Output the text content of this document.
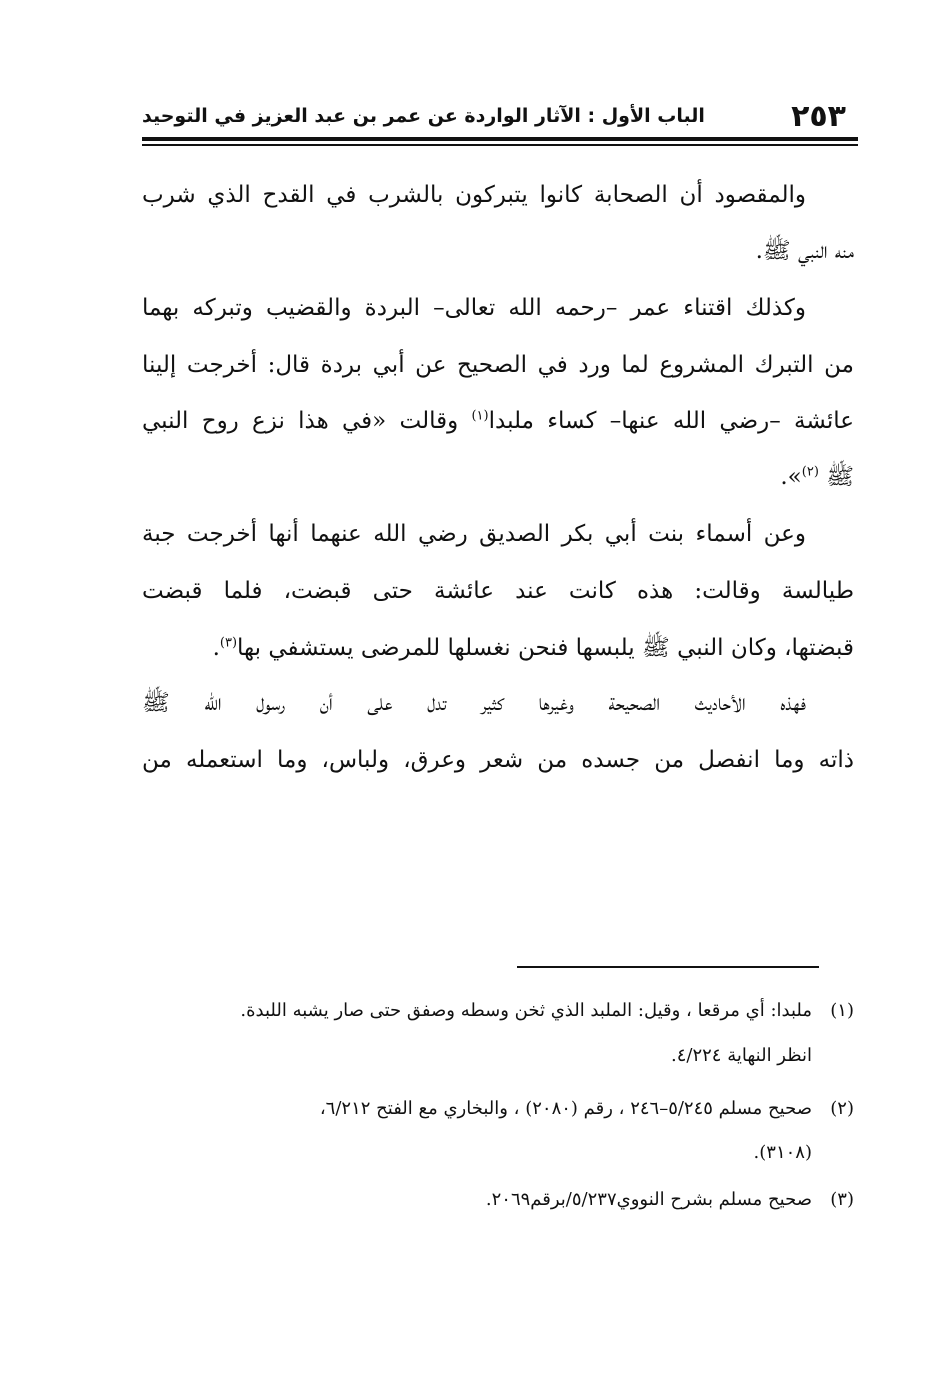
٢٥٣
الباب الأول : الآثار الواردة عن عمر بن عبد العزيز في التوحيد
والمقصود أن الصحابة كانوا يتبركون بالشرب في القدح الذي شرب
منه النبي ﷺ.
وكذلك اقتناء عمر –رحمه الله تعالى– البردة والقضيب وتبركه بهما
من التبرك المشروع لما ورد في الصحيح عن أبي بردة قال: أخرجت إلينا
عائشة –رضي الله عنها– كساء ملبدا$^{(١)}$ وقالت «في هذا نزع روح النبي
ﷺ $^{(٢)}$».
وعن أسماء بنت أبي بكر الصديق رضي الله عنهما أنها أخرجت جبة
طيالسة وقالت: هذه كانت عند عائشة حتى قبضت، فلما قبضت
قبضتها، وكان النبي ﷺ يلبسها فنحن نغسلها للمرضى يستشفي بها$^{(٣)}$.
فهذه الأحاديث الصحيحة وغيرها كثير تدل على أن رسول الله ﷺ
ذاته وما انفصل من جسده من شعر وعرق، ولباس، وما استعمله من
(١)ملبدا: أي مرقعا ، وقيل: الملبد الذي ثخن وسطه وصفق حتى صار يشبه اللبدة.
انظر النهاية ٤/٢٢٤.
(٢)صحيح مسلم ٥/٢٤٥–٢٤٦ ، رقم (٢٠٨٠) ، والبخاري مع الفتح ٦/٢١٢،
(٣١٠٨).
(٣)صحيح مسلم بشرح النووي٥/٢٣٧/برقم٢٠٦٩.
